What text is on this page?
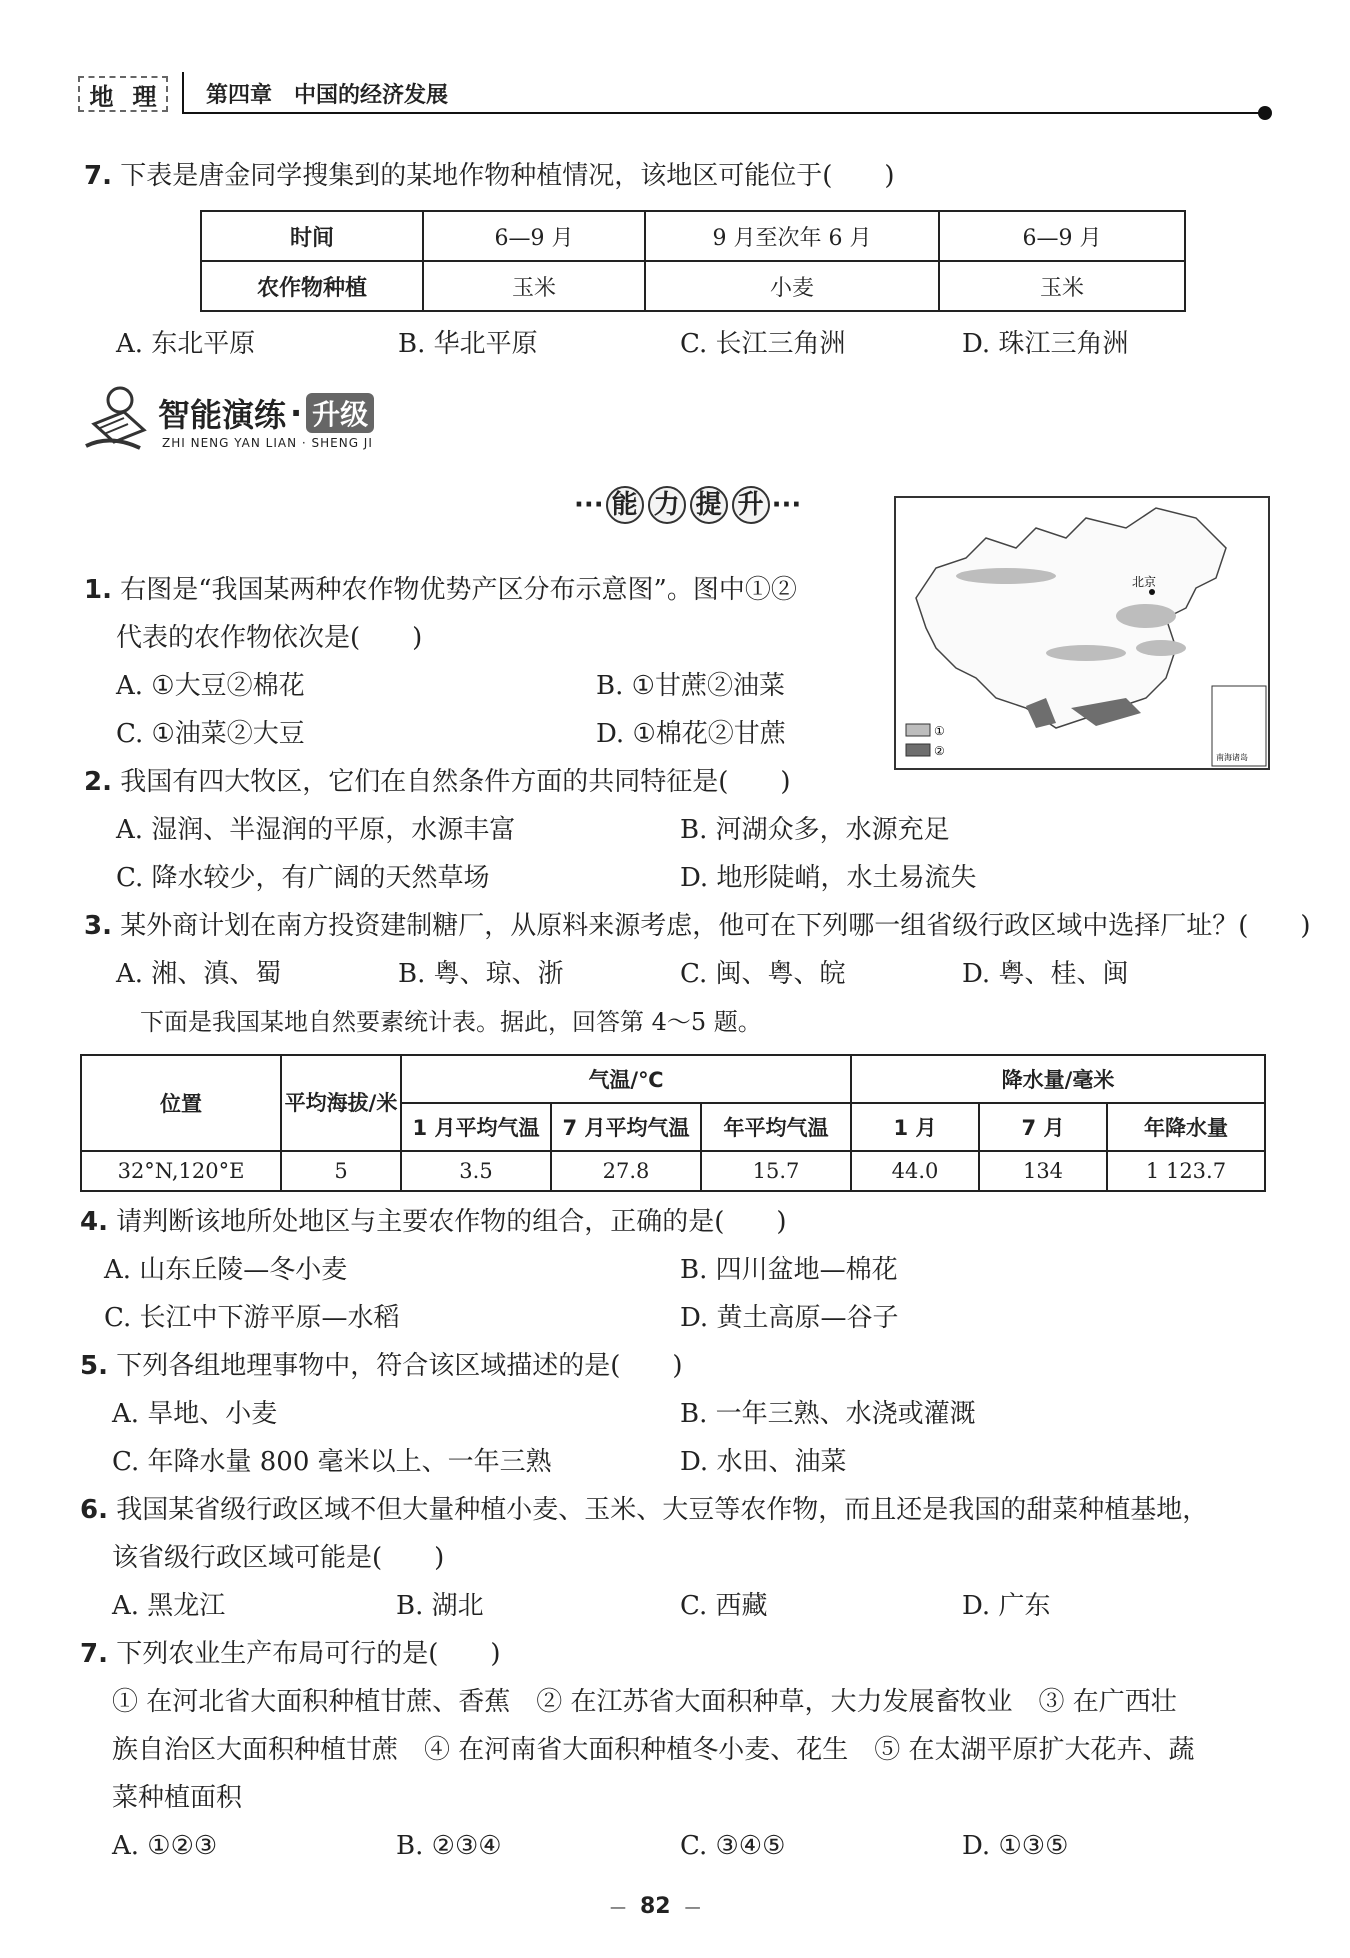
地 理 第四章　中国的经济发展
7. 下表是唐金同学搜集到的某地作物种植情况，该地区可能位于(　　)
时间	6—9 月	9 月至次年 6 月	6—9 月
农作物种植	玉米	小麦	玉米
A. 东北平原	B. 华北平原	C. 长江三角洲	D. 珠江三角洲
智能演练 · 升级
ZHI NENG YAN LIAN · SHENG JI
··· 能 力 提 升 ···
北京
①
②	南海诸岛
1. 右图是“我国某两种农作物优势产区分布示意图”。图中①②
代表的农作物依次是(　　)
A. ①大豆②棉花	B. ①甘蔗②油菜
C. ①油菜②大豆	D. ①棉花②甘蔗
2. 我国有四大牧区，它们在自然条件方面的共同特征是(　　)
A. 湿润、半湿润的平原，水源丰富	B. 河湖众多，水源充足
C. 降水较少，有广阔的天然草场	D. 地形陡峭，水土易流失
3. 某外商计划在南方投资建制糖厂，从原料来源考虑，他可在下列哪一组省级行政区域中选择厂址？(　　)
A. 湘、滇、蜀	B. 粤、琼、浙	C. 闽、粤、皖	D. 粤、桂、闽
下面是我国某地自然要素统计表。据此，回答第 4～5 题。
位置	平均海拔/米	气温/℃			降水量/毫米		
		1 月平均气温	7 月平均气温	年平均气温	1 月	7 月	年降水量
32°N,120°E	5	3.5	27.8	15.7	44.0	134	1 123.7
4. 请判断该地所处地区与主要农作物的组合，正确的是(　　)
A. 山东丘陵—冬小麦	B. 四川盆地—棉花
C. 长江中下游平原—水稻	D. 黄土高原—谷子
5. 下列各组地理事物中，符合该区域描述的是(　　)
A. 旱地、小麦	B. 一年三熟、水浇或灌溉
C. 年降水量 800 毫米以上、一年三熟	D. 水田、油菜
6. 我国某省级行政区域不但大量种植小麦、玉米、大豆等农作物，而且还是我国的甜菜种植基地，
该省级行政区域可能是(　　)
A. 黑龙江	B. 湖北	C. 西藏	D. 广东
7. 下列农业生产布局可行的是(　　)
① 在河北省大面积种植甘蔗、香蕉　② 在江苏省大面积种草，大力发展畜牧业　③ 在广西壮
族自治区大面积种植甘蔗　④ 在河南省大面积种植冬小麦、花生　⑤ 在太湖平原扩大花卉、蔬
菜种植面积
A. ①②③	B. ②③④	C. ③④⑤	D. ①③⑤
— 82 —
